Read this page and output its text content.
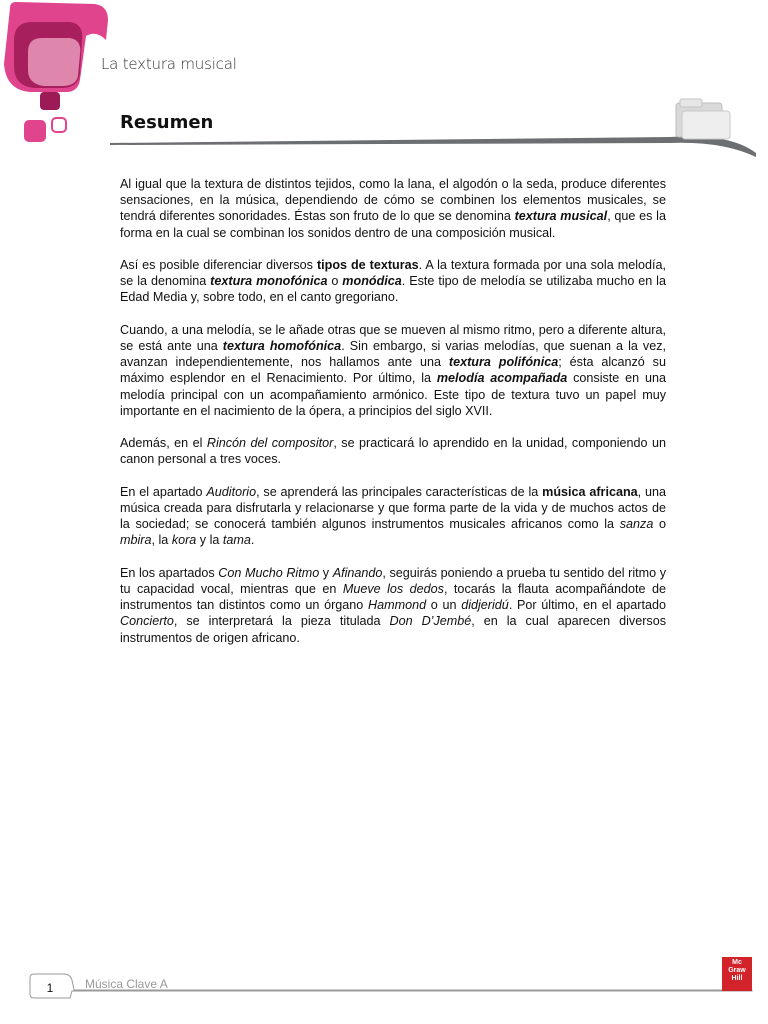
La textura musical
Resumen

Al igual que la textura de distintos tejidos, como la lana, el algodón o la seda, produce diferentes sensaciones, en la música, dependiendo de cómo se combinen los elementos musicales, se tendrá diferentes sonoridades. Éstas son fruto de lo que se denomina textura musical, que es la forma en la cual se combinan los sonidos dentro de una composición musical.

Así es posible diferenciar diversos tipos de texturas. A la textura formada por una sola melodía, se la denomina textura monofónica o monódica. Este tipo de melodía se utilizaba mucho en la Edad Media y, sobre todo, en el canto gregoriano.

Cuando, a una melodía, se le añade otras que se mueven al mismo ritmo, pero a diferente altura, se está ante una textura homofónica. Sin embargo, si varias melodías, que suenan a la vez, avanzan independientemente, nos hallamos ante una textura polifónica; ésta alcanzó su máximo esplendor en el Renacimiento. Por último, la melodía acompañada consiste en una melodía principal con un acompañamiento armónico. Este tipo de textura tuvo un papel muy importante en el nacimiento de la ópera, a principios del siglo XVII.

Además, en el Rincón del compositor, se practicará lo aprendido en la unidad, componiendo un canon personal a tres voces.

En el apartado Auditorio, se aprenderá las principales características de la música africana, una música creada para disfrutarla y relacionarse y que forma parte de la vida y de muchos actos de la sociedad; se conocerá también algunos instrumentos musicales africanos como la sanza o mbira, la kora y la tama.

En los apartados Con Mucho Ritmo y Afinando, seguirás poniendo a prueba tu sentido del ritmo y tu capacidad vocal, mientras que en Mueve los dedos, tocarás la flauta acompañándote de instrumentos tan distintos como un órgano Hammond o un didjeridú. Por último, en el apartado Concierto, se interpretará la pieza titulada Don D’Jembé, en la cual aparecen diversos instrumentos de origen africano.

1	Música Clave A
Mc
Graw
Hill
